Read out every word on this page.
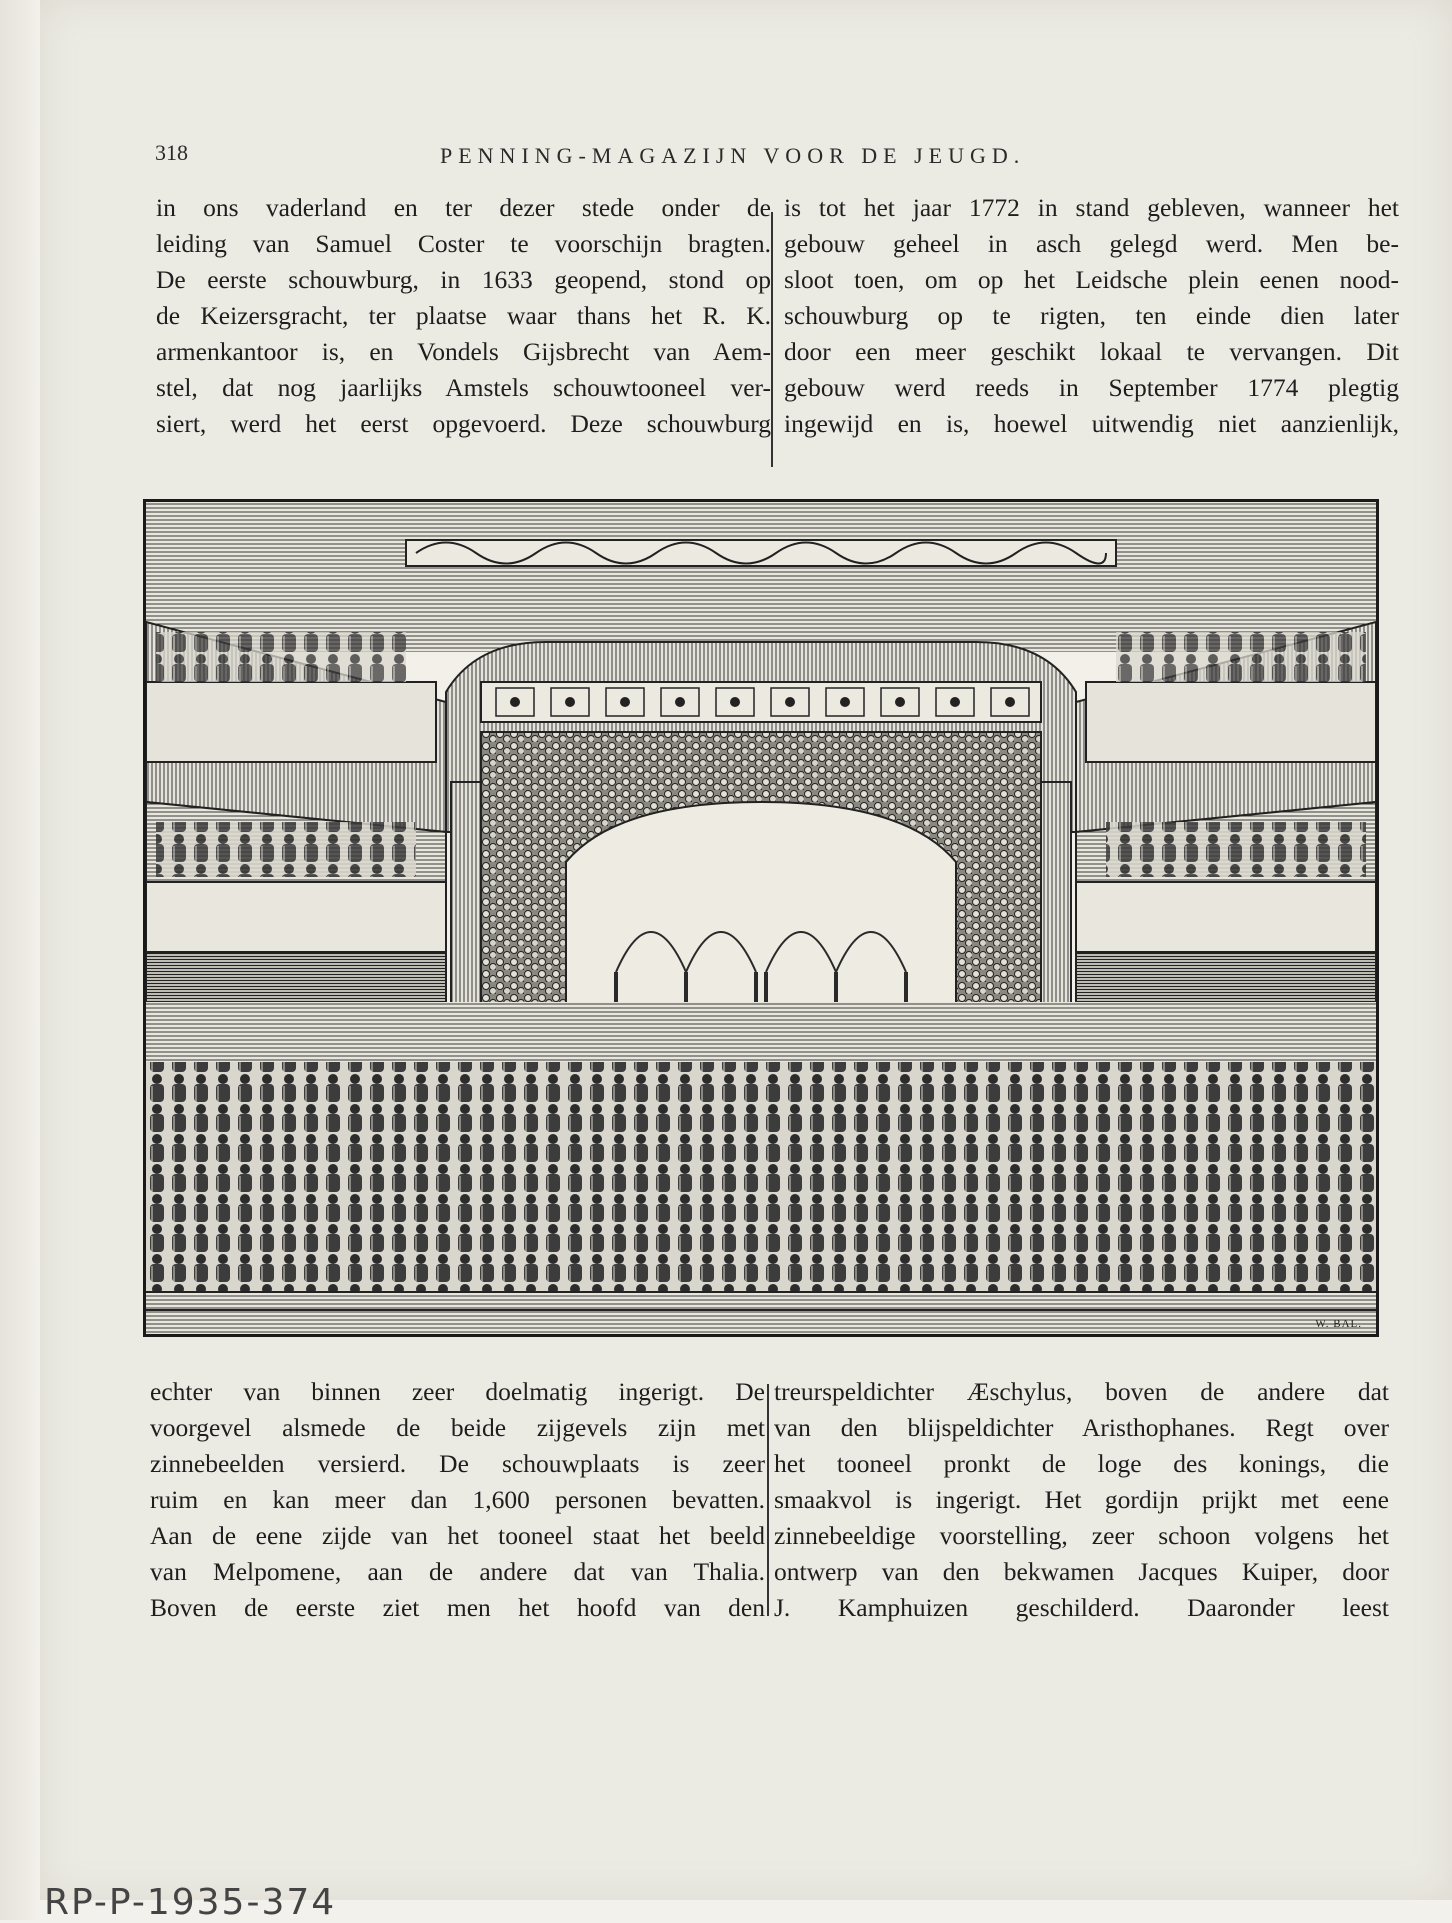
318	PENNING-MAGAZIJN VOOR DE JEUGD.
in ons vaderland en ter dezer stede onder de
leiding van Samuel Coster te voorschijn bragten.
De eerste schouwburg, in 1633 geopend, stond op
de Keizersgracht, ter plaatse waar thans het R. K.
armenkantoor is, en Vondels Gijsbrecht van Aem-
stel, dat nog jaarlijks Amstels schouwtooneel ver-
siert, werd het eerst opgevoerd. Deze schouwburg
is tot het jaar 1772 in stand gebleven, wanneer het
gebouw geheel in asch gelegd werd. Men be-
sloot toen, om op het Leidsche plein eenen nood-
schouwburg op te rigten, ten einde dien later
door een meer geschikt lokaal te vervangen. Dit
gebouw werd reeds in September 1774 plegtig
ingewijd en is, hoewel uitwendig niet aanzienlijk,
W. BAL.
echter van binnen zeer doelmatig ingerigt. De
voorgevel alsmede de beide zijgevels zijn met
zinnebeelden versierd. De schouwplaats is zeer
ruim en kan meer dan 1,600 personen bevatten.
Aan de eene zijde van het tooneel staat het beeld
van Melpomene, aan de andere dat van Thalia.
Boven de eerste ziet men het hoofd van den
treurspeldichter Æschylus, boven de andere dat
van den blijspeldichter Aristhophanes. Regt over
het tooneel pronkt de loge des konings, die
smaakvol is ingerigt. Het gordijn prijkt met eene
zinnebeeldige voorstelling, zeer schoon volgens het
ontwerp van den bekwamen Jacques Kuiper, door
J. Kamphuizen geschilderd. Daaronder leest
RP-P-1935-374
